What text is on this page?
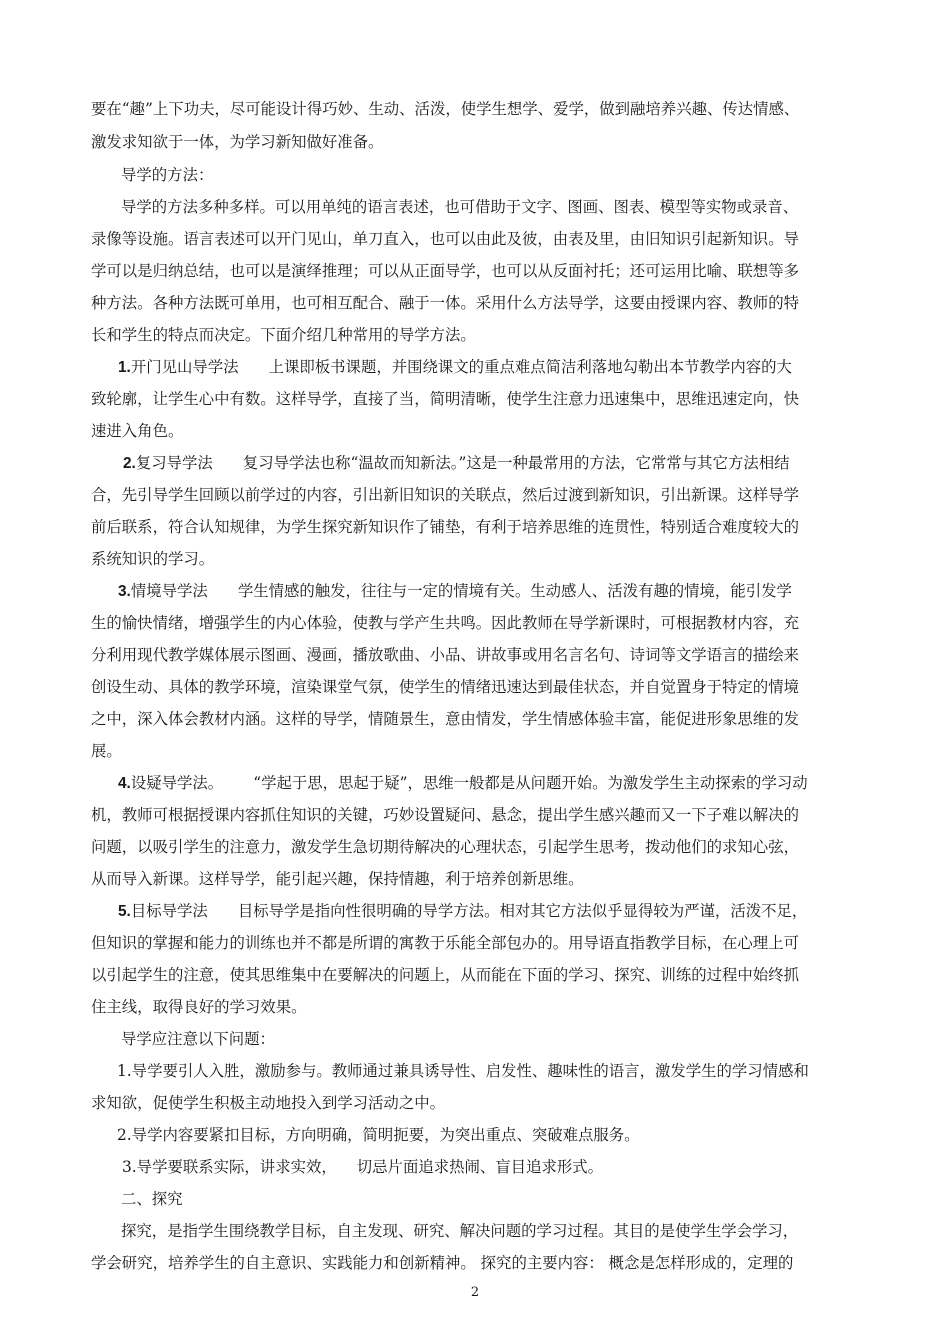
要在“趣”上下功夫，尽可能设计得巧妙、生动、活泼，使学生想学、爱学，做到融培养兴趣、传达情感、
激发求知欲于一体，为学习新知做好准备。
导学的方法：
导学的方法多种多样。可以用单纯的语言表述，也可借助于文字、图画、图表、模型等实物或录音、
录像等设施。语言表述可以开门见山，单刀直入，也可以由此及彼，由表及里，由旧知识引起新知识。导
学可以是归纳总结，也可以是演绎推理；可以从正面导学，也可以从反面衬托；还可运用比喻、联想等多
种方法。各种方法既可单用，也可相互配合、融于一体。采用什么方法导学，这要由授课内容、教师的特
长和学生的特点而决定。下面介绍几种常用的导学方法。
1.开门见山导学法 上课即板书课题，并围绕课文的重点难点简洁利落地勾勒出本节教学内容的大
致轮廓，让学生心中有数。这样导学，直接了当，简明清晰，使学生注意力迅速集中，思维迅速定向，快
速进入角色。
2.复习导学法 复习导学法也称“温故而知新法。”这是一种最常用的方法，它常常与其它方法相结
合，先引导学生回顾以前学过的内容，引出新旧知识的关联点，然后过渡到新知识，引出新课。这样导学
前后联系，符合认知规律，为学生探究新知识作了铺垫，有利于培养思维的连贯性，特别适合难度较大的
系统知识的学习。
3.情境导学法 学生情感的触发，往往与一定的情境有关。生动感人、活泼有趣的情境，能引发学
生的愉快情绪，增强学生的内心体验，使教与学产生共鸣。因此教师在导学新课时，可根据教材内容，充
分利用现代教学媒体展示图画、漫画，播放歌曲、小品、讲故事或用名言名句、诗词等文学语言的描绘来
创设生动、具体的教学环境，渲染课堂气氛，使学生的情绪迅速达到最佳状态，并自觉置身于特定的情境
之中，深入体会教材内涵。这样的导学，情随景生，意由情发，学生情感体验丰富，能促进形象思维的发
展。
4.设疑导学法。 “学起于思，思起于疑”，思维一般都是从问题开始。为激发学生主动探索的学习动
机，教师可根据授课内容抓住知识的关键，巧妙设置疑问、悬念，提出学生感兴趣而又一下子难以解决的
问题，以吸引学生的注意力，激发学生急切期待解决的心理状态，引起学生思考，拨动他们的求知心弦，
从而导入新课。这样导学，能引起兴趣，保持情趣，利于培养创新思维。
5.目标导学法 目标导学是指向性很明确的导学方法。相对其它方法似乎显得较为严谨，活泼不足，
但知识的掌握和能力的训练也并不都是所谓的寓教于乐能全部包办的。用导语直指教学目标，在心理上可
以引起学生的注意，使其思维集中在要解决的问题上，从而能在下面的学习、探究、训练的过程中始终抓
住主线，取得良好的学习效果。
导学应注意以下问题：
1.导学要引人入胜，激励参与。教师通过兼具诱导性、启发性、趣味性的语言，激发学生的学习情感和
求知欲，促使学生积极主动地投入到学习活动之中。
2.导学内容要紧扣目标，方向明确，简明扼要，为突出重点、突破难点服务。
3.导学要联系实际，讲求实效， 切忌片面追求热闹、盲目追求形式。
二、探究
探究，是指学生围绕教学目标，自主发现、研究、解决问题的学习过程。其目的是使学生学会学习，
学会研究，培养学生的自主意识、实践能力和创新精神。 探究的主要内容： 概念是怎样形成的，定理的
2
